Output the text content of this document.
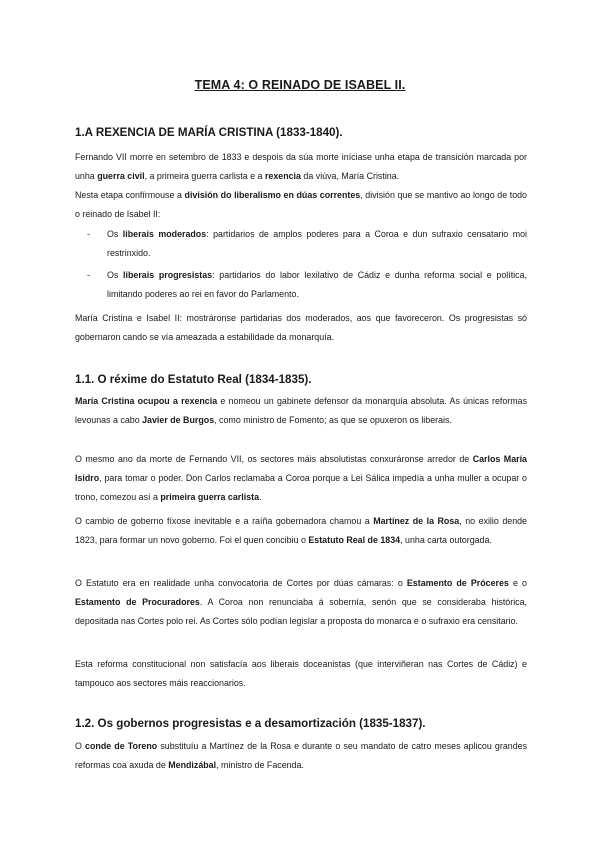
TEMA 4: O REINADO DE ISABEL II.
1.A REXENCIA DE MARÍA CRISTINA (1833-1840).
Fernando VII morre en setembro de 1833 e despois da súa morte iníciase unha etapa de transición marcada por unha guerra civil, a primeira guerra carlista e a rexencia da viúva, María Cristina.
Nesta etapa confírmouse a división do liberalismo en dúas correntes, división que se mantivo ao longo de todo o reinado de Isabel II:
- Os liberais moderados: partidarios de amplos poderes para a Coroa e dun sufraxio censatario moi restrinxido.
- Os liberais progresistas: partidarios do labor lexilativo de Cádiz e dunha reforma social e política, limitando poderes ao rei en favor do Parlamento.
María Cristina e Isabel II: mostráronse partidarias dos moderados, aos que favoreceron. Os progresistas só gobernaron cando se vía ameazada a estabilidade da monarquía.
1.1. O réxime do Estatuto Real (1834-1835).
María Cristina ocupou a rexencia e nomeou un gabinete defensor da monarquía absoluta. As únicas reformas levounas a cabo Javier de Burgos, como ministro de Fomento; as que se opuxeron os liberais.
O mesmo ano da morte de Fernando VII, os sectores máis absolutistas conxuráronse arredor de Carlos María Isidro, para tomar o poder. Don Carlos reclamaba a Coroa porque a Lei Sálica impedía a unha muller a ocupar o trono, comezou así a primeira guerra carlista.
O cambio de goberno fíxose inevitable e a raíña gobernadora chamou a Martínez de la Rosa, no exilio dende 1823, para formar un novo goberno. Foi el quen concibiu o Estatuto Real de 1834, unha carta outorgada.
O Estatuto era en realidade unha convocatoria de Cortes por dúas cámaras: o Estamento de Próceres e o Estamento de Procuradores. A Coroa non renunciaba á sobernía, senón que se consideraba histórica, depositada nas Cortes polo rei. As Cortes sólo podían legislar a proposta do monarca e o sufraxio era censitario.
Esta reforma constitucional non satisfacía aos liberais doceanistas (que interviñeran nas Cortes de Cádiz) e tampouco aos sectores máis reaccionarios.
1.2. Os gobernos progresistas e a desamortización (1835-1837).
O conde de Toreno substituíu a Martínez de la Rosa e durante o seu mandato de catro meses aplicou grandes reformas coa axuda de Mendizábal, ministro de Facenda.
